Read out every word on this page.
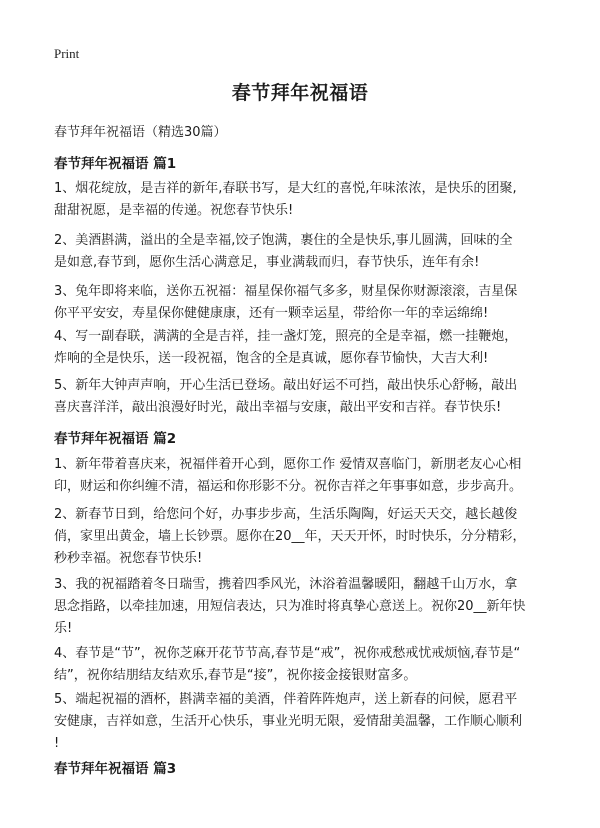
Print
春节拜年祝福语

春节拜年祝福语（精选30篇）

春节拜年祝福语 篇1
1、烟花绽放，是吉祥的新年,春联书写，是大红的喜悦,年味浓浓，是快乐的团聚,
甜甜祝愿，是幸福的传递。祝您春节快乐!
2、美酒斟满，溢出的全是幸福,饺子饱满，裹住的全是快乐,事儿圆满，回味的全
是如意,春节到，愿你生活心满意足，事业满载而归，春节快乐，连年有余!
3、兔年即将来临，送你五祝福：福星保你福气多多，财星保你财源滚滚，吉星保
你平平安安，寿星保你健健康康，还有一颗幸运星，带给你一年的幸运绵绵!
4、写一副春联，满满的全是吉祥，挂一盏灯笼，照亮的全是幸福，燃一挂鞭炮，
炸响的全是快乐，送一段祝福，饱含的全是真诚，愿你春节愉快，大吉大利!
5、新年大钟声声响，开心生活已登场。敲出好运不可挡，敲出快乐心舒畅，敲出
喜庆喜洋洋，敲出浪漫好时光，敲出幸福与安康，敲出平安和吉祥。春节快乐!
春节拜年祝福语 篇2
1、新年带着喜庆来，祝福伴着开心到，愿你工作 爱情双喜临门，新朋老友心心相
印，财运和你纠缠不清，福运和你形影不分。祝你吉祥之年事事如意，步步高升。
2、新春节日到，给您问个好，办事步步高，生活乐陶陶，好运天天交，越长越俊
俏，家里出黄金，墙上长钞票。愿你在20__年，天天开怀，时时快乐，分分精彩，
秒秒幸福。祝您春节快乐!
3、我的祝福踏着冬日瑞雪，携着四季风光，沐浴着温馨暖阳，翻越千山万水，拿
思念指路，以牵挂加速，用短信表达，只为准时将真挚心意送上。祝你20__新年快
乐!
4、春节是“节”，祝你芝麻开花节节高,春节是“戒”，祝你戒愁戒忧戒烦恼,春节是“
结”，祝你结朋结友结欢乐,春节是“接”，祝你接金接银财富多。
5、端起祝福的酒杯，斟满幸福的美酒，伴着阵阵炮声，送上新春的问候，愿君平
安健康，吉祥如意，生活开心快乐，事业光明无限，爱情甜美温馨，工作顺心顺利
!
春节拜年祝福语 篇3
